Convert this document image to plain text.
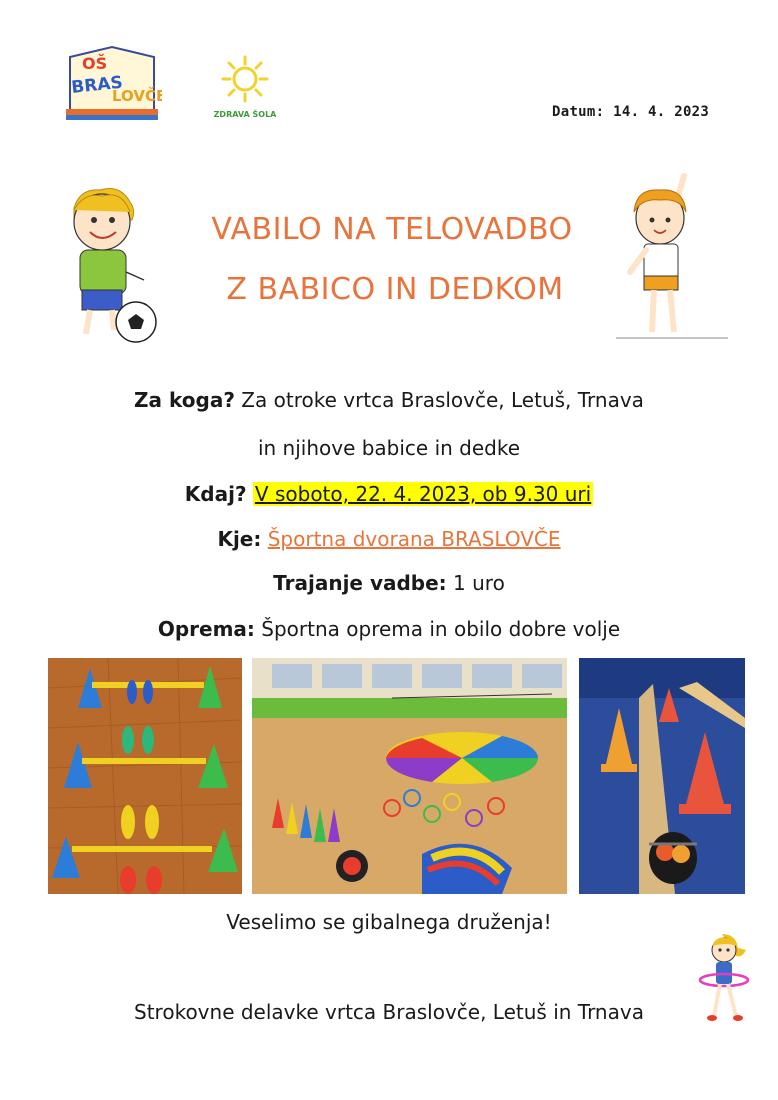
OŠ
BRAS
LOVČE
ZDRAVA ŠOLA	Datum: 14. 4. 2023
VABILO NA TELOVADBO
Z BABICO IN DEDKOM
Za koga? Za otroke vrtca Braslovče, Letuš, Trnava
in njihove babice in dedke
Kdaj? V soboto, 22. 4. 2023, ob 9.30 uri
Kje: Športna dvorana BRASLOVČE
Trajanje vadbe: 1 uro
Oprema: Športna oprema in obilo dobre volje
Veselimo se gibalnega druženja!
Strokovne delavke vrtca Braslovče, Letuš in Trnava
